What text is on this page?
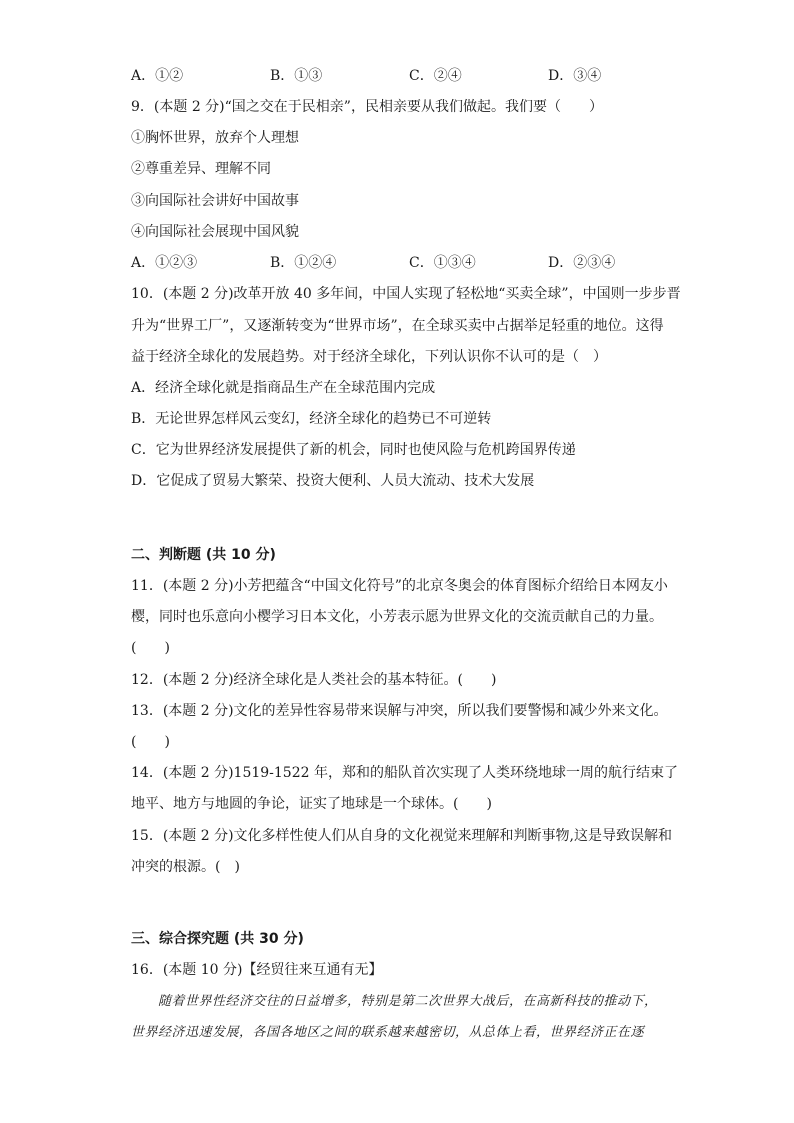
A．①②	B．①③	C．②④	D．③④
9．(本题 2 分)“国之交在于民相亲”，民相亲要从我们做起。我们要（　　）
①胸怀世界，放弃个人理想
②尊重差异、理解不同
③向国际社会讲好中国故事
④向国际社会展现中国风貌
A．①②③	B．①②④	C．①③④	D．②③④
10．(本题 2 分)改革开放 40 多年间，中国人实现了轻松地“买卖全球”，中国则一步步晋
升为“世界工厂”，又逐渐转变为“世界市场”，在全球买卖中占据举足轻重的地位。这得
益于经济全球化的发展趋势。对于经济全球化，下列认识你不认可的是（　）
A．经济全球化就是指商品生产在全球范围内完成
B．无论世界怎样风云变幻，经济全球化的趋势已不可逆转
C．它为世界经济发展提供了新的机会，同时也使风险与危机跨国界传递
D．它促成了贸易大繁荣、投资大便利、人员大流动、技术大发展
二、判断题 (共 10 分)
11．(本题 2 分)小芳把蕴含“中国文化符号”的北京冬奥会的体育图标介绍给日本网友小
樱，同时也乐意向小樱学习日本文化，小芳表示愿为世界文化的交流贡献自己的力量。
(　　)
12．(本题 2 分)经济全球化是人类社会的基本特征。(　　)
13．(本题 2 分)文化的差异性容易带来误解与冲突，所以我们要警惕和减少外来文化。
(　　)
14．(本题 2 分)1519-1522 年，郑和的船队首次实现了人类环绕地球一周的航行结束了
地平、地方与地圆的争论，证实了地球是一个球体。(　　)
15．(本题 2 分)文化多样性使人们从自身的文化视觉来理解和判断事物,这是导致误解和
冲突的根源。(　)
三、综合探究题 (共 30 分)
16．(本题 10 分)【经贸往来互通有无】
　　随着世界性经济交往的日益增多，特别是第二次世界大战后，在高新科技的推动下，
世界经济迅速发展，各国各地区之间的联系越来越密切，从总体上看，世界经济正在逐
